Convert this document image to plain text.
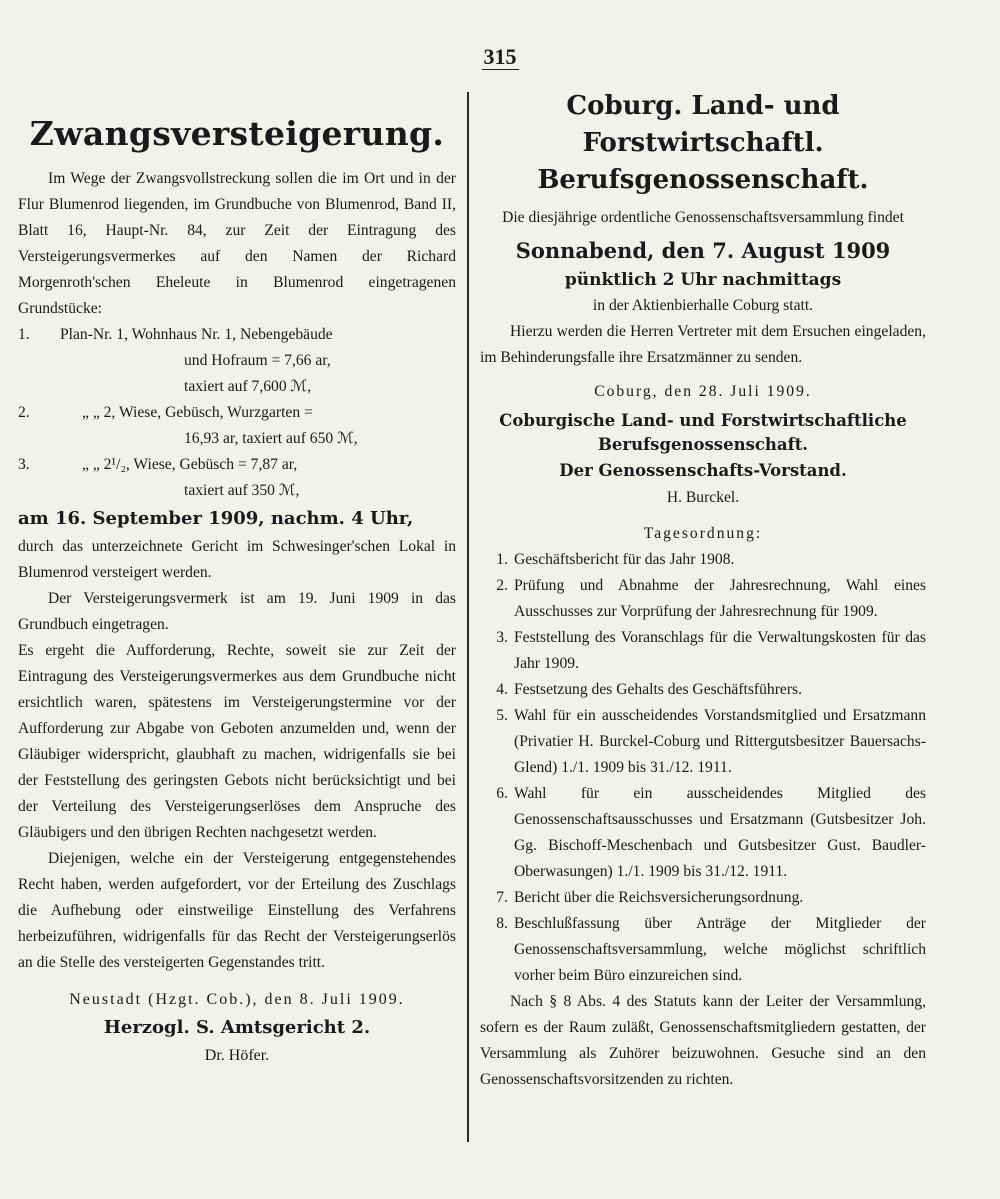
315
Zwangsversteigerung.

Im Wege der Zwangsvollstreckung sollen die im Ort und in der Flur Blumenrod liegenden, im Grundbuche von Blumenrod, Band II, Blatt 16, Haupt-Nr. 84, zur Zeit der Eintragung des Versteigerungsvermerkes auf den Namen der Richard Morgenroth'schen Eheleute in Blumenrod eingetragenen Grundstücke:

1.	Plan-Nr. 1, Wohnhaus Nr. 1, Nebengebäude
und Hofraum = 7,66 ar,
taxiert auf 7,600 ℳ,
2.	„ „ 2, Wiese, Gebüsch, Wurzgarten =
16,93 ar, taxiert auf 650 ℳ,
3.	„ „ 2¹/₂, Wiese, Gebüsch = 7,87 ar,
taxiert auf 350 ℳ,

am 16. September 1909, nachm. 4 Uhr,

durch das unterzeichnete Gericht im Schwesinger'schen Lokal in Blumenrod versteigert werden.

Der Versteigerungsvermerk ist am 19. Juni 1909 in das Grundbuch eingetragen.

Es ergeht die Aufforderung, Rechte, soweit sie zur Zeit der Eintragung des Versteigerungsvermerkes aus dem Grundbuche nicht ersichtlich waren, spätestens im Versteigerungstermine vor der Aufforderung zur Abgabe von Geboten anzumelden und, wenn der Gläubiger widerspricht, glaubhaft zu machen, widrigenfalls sie bei der Feststellung des geringsten Gebots nicht berücksichtigt und bei der Verteilung des Versteigerungserlöses dem Anspruche des Gläubigers und den übrigen Rechten nachgesetzt werden.

Diejenigen, welche ein der Versteigerung entgegenstehendes Recht haben, werden aufgefordert, vor der Erteilung des Zuschlags die Aufhebung oder einstweilige Einstellung des Verfahrens herbeizuführen, widrigenfalls für das Recht der Versteigerungserlös an die Stelle des versteigerten Gegenstandes tritt.

Neustadt (Hzgt. Cob.), den 8. Juli 1909.

Herzogl. S. Amtsgericht 2.

Dr. Höfer.

Coburg. Land- und Forstwirtschaftl.
Berufsgenossenschaft.

Die diesjährige ordentliche Genossenschaftsversammlung findet

Sonnabend, den 7. August 1909

pünktlich 2 Uhr nachmittags

in der Aktienbierhalle Coburg statt.

Hierzu werden die Herren Vertreter mit dem Ersuchen eingeladen, im Behinderungsfalle ihre Ersatzmänner zu senden.

Coburg, den 28. Juli 1909.

Coburgische Land- und Forstwirtschaftliche

Berufsgenossenschaft.

Der Genossenschafts-Vorstand.

H. Burckel.

Tagesordnung:

1. Geschäftsbericht für das Jahr 1908.
2. Prüfung und Abnahme der Jahresrechnung, Wahl eines Ausschusses zur Vorprüfung der Jahresrechnung für 1909.
3. Feststellung des Voranschlags für die Verwaltungskosten für das Jahr 1909.
4. Festsetzung des Gehalts des Geschäftsführers.
5. Wahl für ein ausscheidendes Vorstandsmitglied und Ersatzmann (Privatier H. Burckel-Coburg und Rittergutsbesitzer Bauersachs-Glend) 1./1. 1909 bis 31./12. 1911.
6. Wahl für ein ausscheidendes Mitglied des Genossenschaftsausschusses und Ersatzmann (Gutsbesitzer Joh. Gg. Bischoff-Meschenbach und Gutsbesitzer Gust. Baudler-Oberwasungen) 1./1. 1909 bis 31./12. 1911.
7. Bericht über die Reichsversicherungsordnung.
8. Beschlußfassung über Anträge der Mitglieder der Genossenschaftsversammlung, welche möglichst schriftlich vorher beim Büro einzureichen sind.

Nach § 8 Abs. 4 des Statuts kann der Leiter der Versammlung, sofern es der Raum zuläßt, Genossenschaftsmitgliedern gestatten, der Versammlung als Zuhörer beizuwohnen. Gesuche sind an den Genossenschaftsvorsitzenden zu richten.
